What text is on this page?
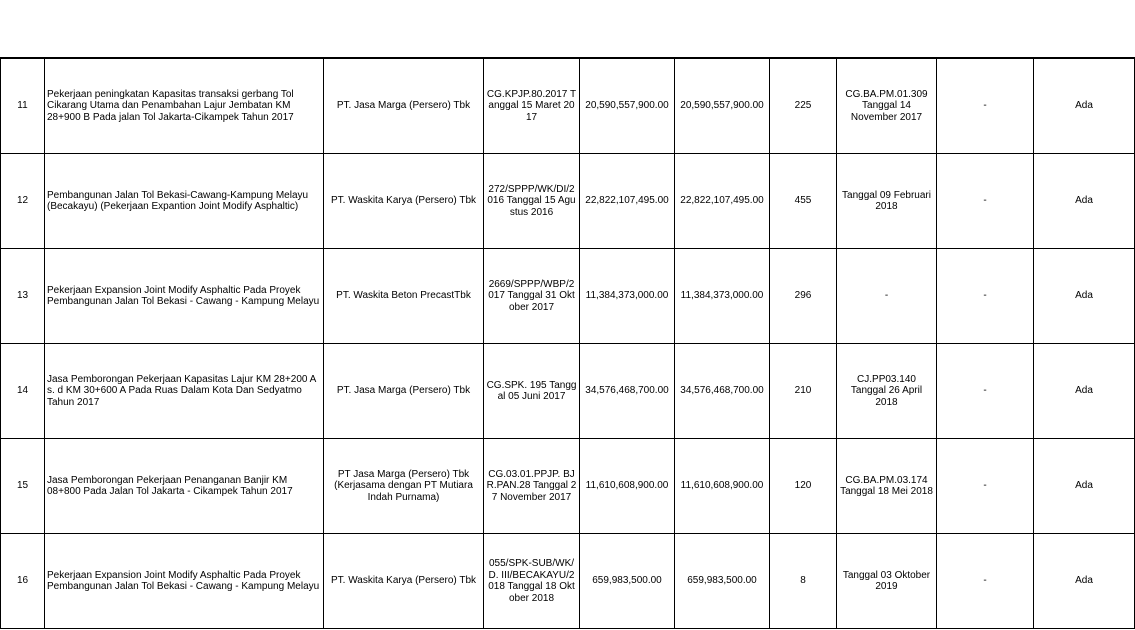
11	Pekerjaan peningkatan Kapasitas transaksi gerbang Tol Cikarang Utama dan Penambahan Lajur Jembatan KM 28+900 B Pada jalan Tol Jakarta-Cikampek Tahun 2017	PT. Jasa Marga (Persero) Tbk	CG.KPJP.80.2017 Tanggal 15 Maret 2017	20,590,557,900.00	20,590,557,900.00	225	CG.BA.PM.01.309 Tanggal 14 November 2017	-	Ada
12	Pembangunan Jalan Tol Bekasi-Cawang-Kampung Melayu (Becakayu) (Pekerjaan Expantion Joint Modify Asphaltic)	PT. Waskita Karya (Persero) Tbk	272/SPPP/WK/DI/2016 Tanggal 15 Agustus 2016	22,822,107,495.00	22,822,107,495.00	455	Tanggal 09 Februari 2018	-	Ada
13	Pekerjaan Expansion Joint Modify Asphaltic Pada Proyek Pembangunan Jalan Tol Bekasi - Cawang - Kampung Melayu	PT. Waskita Beton PrecastTbk	2669/SPPP/WBP/2017 Tanggal 31 Oktober 2017	11,384,373,000.00	11,384,373,000.00	296	-	-	Ada
14	Jasa Pemborongan Pekerjaan Kapasitas Lajur KM 28+200 A s. d KM 30+600 A Pada Ruas Dalam Kota Dan Sedyatmo Tahun 2017	PT. Jasa Marga (Persero) Tbk	CG.SPK. 195 Tanggal 05 Juni 2017	34,576,468,700.00	34,576,468,700.00	210	CJ.PP03.140 Tanggal 26 April 2018	-	Ada
15	Jasa Pemborongan Pekerjaan Penanganan Banjir KM 08+800 Pada Jalan Tol Jakarta - Cikampek Tahun 2017	PT Jasa Marga (Persero) Tbk (Kerjasama dengan PT Mutiara Indah Purnama)	CG.03.01.PPJP. BJR.PAN.28 Tanggal 27 November 2017	11,610,608,900.00	11,610,608,900.00	120	CG.BA.PM.03.174 Tanggal 18 Mei 2018	-	Ada
16	Pekerjaan Expansion Joint Modify Asphaltic Pada Proyek Pembangunan Jalan Tol Bekasi - Cawang - Kampung Melayu	PT. Waskita Karya (Persero) Tbk	055/SPK-SUB/WK/D. III/BECAKAYU/2018 Tanggal 18 Oktober 2018	659,983,500.00	659,983,500.00	8	Tanggal 03 Oktober 2019	-	Ada
